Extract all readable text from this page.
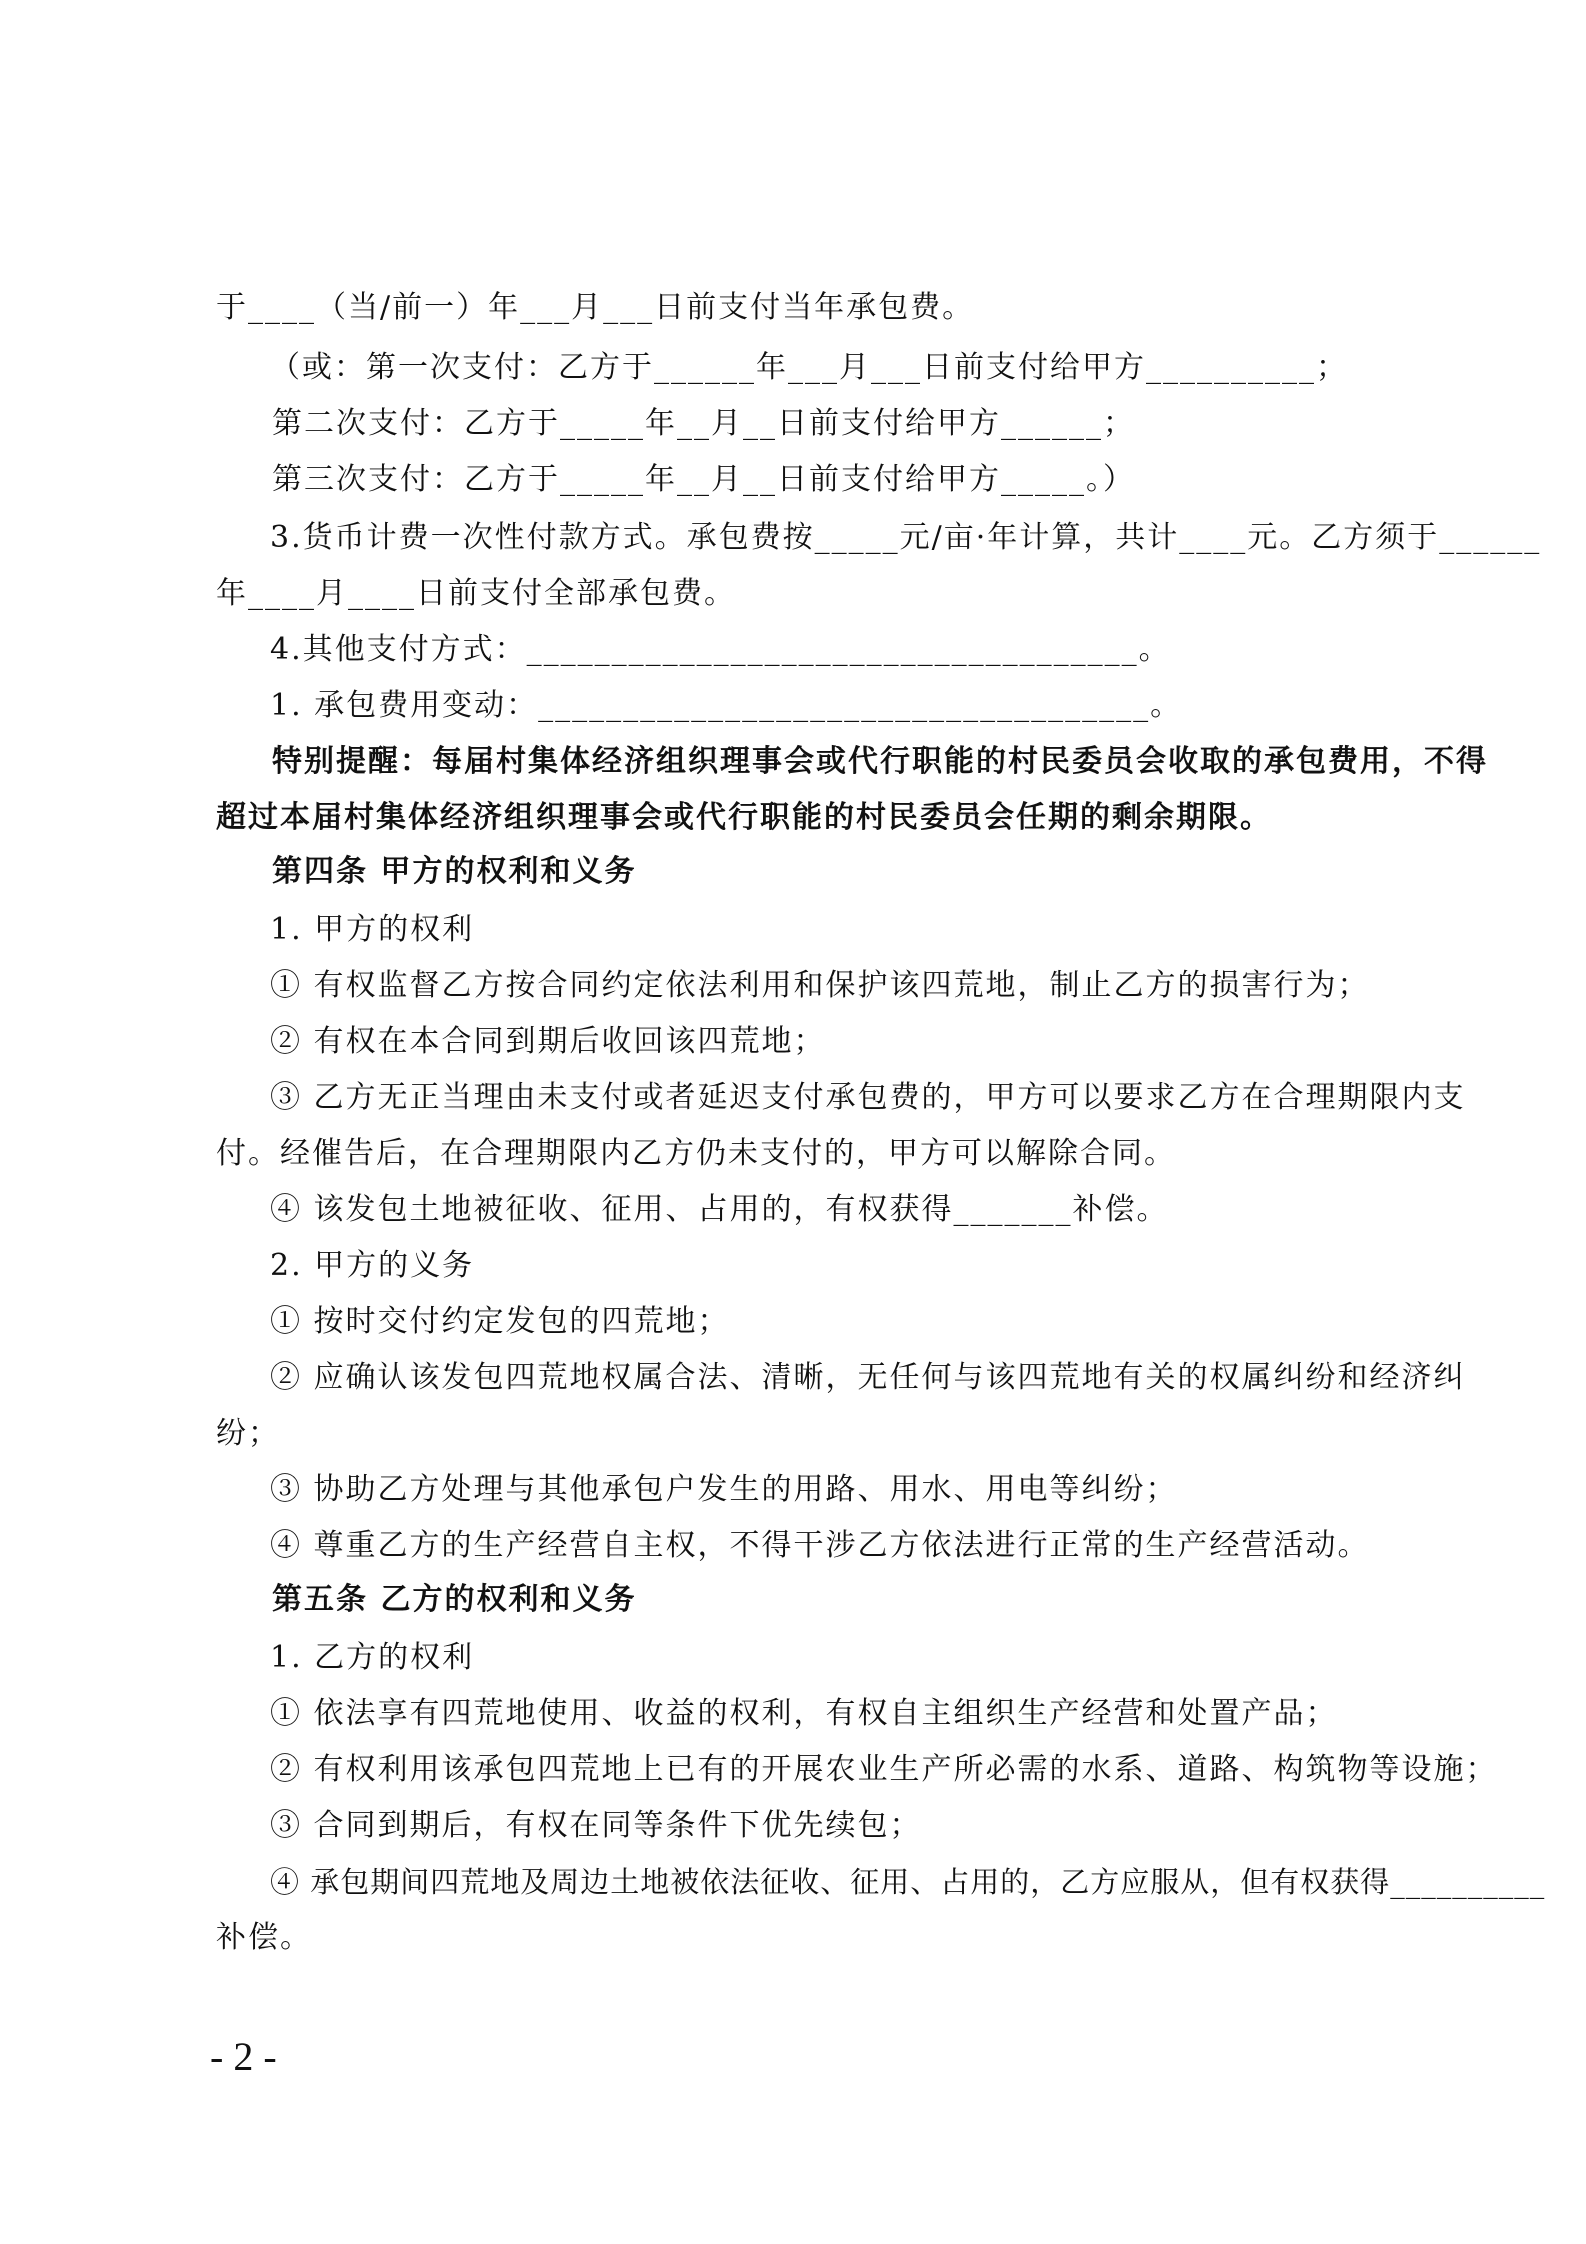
于____（当/前一）年___月___日前支付当年承包费。
（或：第一次支付：乙方于______年___月___日前支付给甲方__________；
第二次支付：乙方于_____年__月__日前支付给甲方______；
第三次支付：乙方于_____年__月__日前支付给甲方_____。）
3.货币计费一次性付款方式。承包费按_____元/亩·年计算，共计____元。乙方须于______
年____月____日前支付全部承包费。
4.其他支付方式：____________________________________。
1. 承包费用变动：____________________________________。
特别提醒：每届村集体经济组织理事会或代行职能的村民委员会收取的承包费用，不得
超过本届村集体经济组织理事会或代行职能的村民委员会任期的剩余期限。
第四条 甲方的权利和义务
1. 甲方的权利
① 有权监督乙方按合同约定依法利用和保护该四荒地，制止乙方的损害行为；
② 有权在本合同到期后收回该四荒地；
③ 乙方无正当理由未支付或者延迟支付承包费的，甲方可以要求乙方在合理期限内支
付。经催告后，在合理期限内乙方仍未支付的，甲方可以解除合同。
④ 该发包土地被征收、征用、占用的，有权获得_______补偿。
2. 甲方的义务
① 按时交付约定发包的四荒地；
② 应确认该发包四荒地权属合法、清晰，无任何与该四荒地有关的权属纠纷和经济纠
纷；
③ 协助乙方处理与其他承包户发生的用路、用水、用电等纠纷；
④ 尊重乙方的生产经营自主权，不得干涉乙方依法进行正常的生产经营活动。
第五条 乙方的权利和义务
1. 乙方的权利
① 依法享有四荒地使用、收益的权利，有权自主组织生产经营和处置产品；
② 有权利用该承包四荒地上已有的开展农业生产所必需的水系、道路、构筑物等设施；
③ 合同到期后，有权在同等条件下优先续包；
④ 承包期间四荒地及周边土地被依法征收、征用、占用的，乙方应服从，但有权获得__________
补偿。
- 2 -
